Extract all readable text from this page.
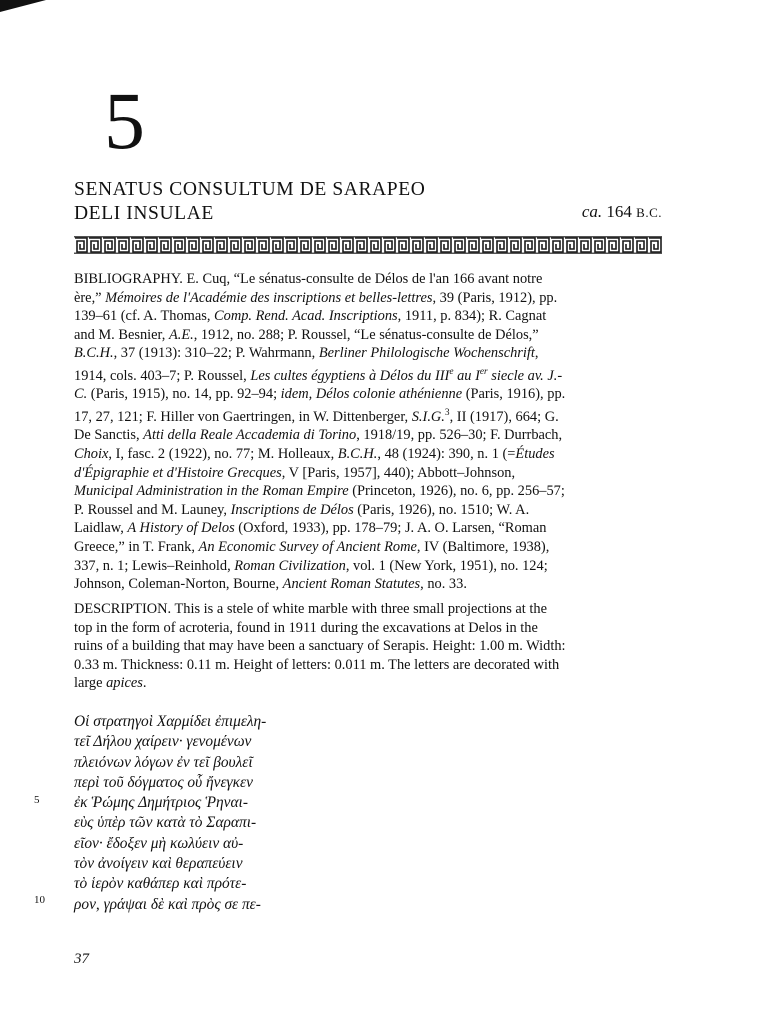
5
SENATUS CONSULTUM DE SARAPEO
DELI INSULAE	ca. 164 B.C.
BIBLIOGRAPHY. E. Cuq, “Le sénatus-consulte de Délos de l'an 166 avant notre ère,” Mémoires de l'Académie des inscriptions et belles-lettres, 39 (Paris, 1912), pp. 139–61 (cf. A. Thomas, Comp. Rend. Acad. Inscriptions, 1911, p. 834); R. Cagnat and M. Besnier, A.E., 1912, no. 288; P. Roussel, “Le sénatus-consulte de Délos,” B.C.H., 37 (1913): 310–22; P. Wahrmann, Berliner Philologische Wochenschrift, 1914, cols. 403–7; P. Roussel, Les cultes égyptiens à Délos du IIIe au Ier siecle av. J.-C. (Paris, 1915), no. 14, pp. 92–94; idem, Délos colonie athénienne (Paris, 1916), pp. 17, 27, 121; F. Hiller von Gaertringen, in W. Dittenberger, S.I.G.$^3$, II (1917), 664; G. De Sanctis, Atti della Reale Accademia di Torino, 1918/19, pp. 526–30; F. Durrbach, Choix, I, fasc. 2 (1922), no. 77; M. Holleaux, B.C.H., 48 (1924): 390, n. 1 (=Études d'Épigraphie et d'Histoire Grecques, V [Paris, 1957], 440); Abbott–Johnson, Municipal Administration in the Roman Empire (Princeton, 1926), no. 6, pp. 256–57; P. Roussel and M. Launey, Inscriptions de Délos (Paris, 1926), no. 1510; W. A. Laidlaw, A History of Delos (Oxford, 1933), pp. 178–79; J. A. O. Larsen, “Roman Greece,” in T. Frank, An Economic Survey of Ancient Rome, IV (Baltimore, 1938), 337, n. 1; Lewis–Reinhold, Roman Civilization, vol. 1 (New York, 1951), no. 124; Johnson, Coleman-Norton, Bourne, Ancient Roman Statutes, no. 33.
DESCRIPTION. This is a stele of white marble with three small projections at the top in the form of acroteria, found in 1911 during the excavations at Delos in the ruins of a building that may have been a sanctuary of Serapis. Height: 1.00 m. Width: 0.33 m. Thickness: 0.11 m. Height of letters: 0.011 m. The letters are decorated with large apices.
5
10
Οἱ στρατηγοὶ Χαρμίδει ἐπιμελη-
τεῖ Δήλου χαίρειν· γενομένων
πλειόνων λόγων ἐν τεῖ βουλεῖ
περὶ τοῦ δόγματος οὗ ἤνεγκεν
ἐκ Ῥώμης Δημήτριος Ῥηναι-
εὺς ὑπὲρ τῶν κατὰ τὸ Σαραπι-
εῖον· ἔδοξεν μὴ κωλύειν αὐ-
τὸν ἀνοίγειν καὶ θεραπεύειν
τὸ ἱερὸν καθάπερ καὶ πρότε-
ρον, γράψαι δὲ καὶ πρὸς σε πε-
37
